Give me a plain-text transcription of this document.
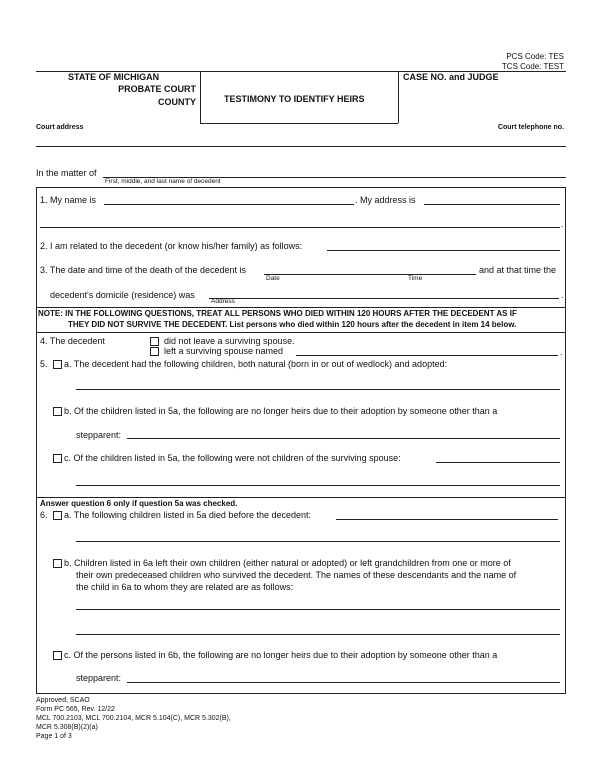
PCS Code: TES
TCS Code: TEST
STATE OF MICHIGAN
PROBATE COURT
COUNTY	TESTIMONY TO IDENTIFY HEIRS
CASE NO. and JUDGE
Court address	Court telephone no.
In the matter of
First, middle, and last name of decedent
1. My name is	. My address is
.
2. I am related to the decedent (or know his/her family) as follows:
3. The date and time of the death of the decedent is
Date	Time
and at that time the
decedent's domicile (residence) was
Address
.
NOTE: IN THE FOLLOWING QUESTIONS, TREAT ALL PERSONS WHO DIED WITHIN 120 HOURS AFTER THE DECEDENT AS IF
THEY DID NOT SURVIVE THE DECEDENT. List persons who died within 120 hours after the decedent in item 14 below.
4. The decedent	did not leave a surviving spouse.
left a surviving spouse named	.
5. a. The decedent had the following children, both natural (born in or out of wedlock) and adopted:
b. Of the children listed in 5a, the following are no longer heirs due to their adoption by someone other than a
stepparent:
c. Of the children listed in 5a, the following were not children of the surviving spouse:
Answer question 6 only if question 5a was checked.
6. a. The following children listed in 5a died before the decedent:
b. Children listed in 6a left their own children (either natural or adopted) or left grandchildren from one or more of
their own predeceased children who survived the decedent. The names of these descendants and the name of
the child in 6a to whom they are related are as follows:
c. Of the persons listed in 6b, the following are no longer heirs due to their adoption by someone other than a
stepparent:
Approved, SCAO
Form PC 565, Rev. 12/22
MCL 700.2103, MCL 700.2104, MCR 5.104(C), MCR 5.302(B),
MCR 5.308(B)(2)(a)
Page 1 of 3
